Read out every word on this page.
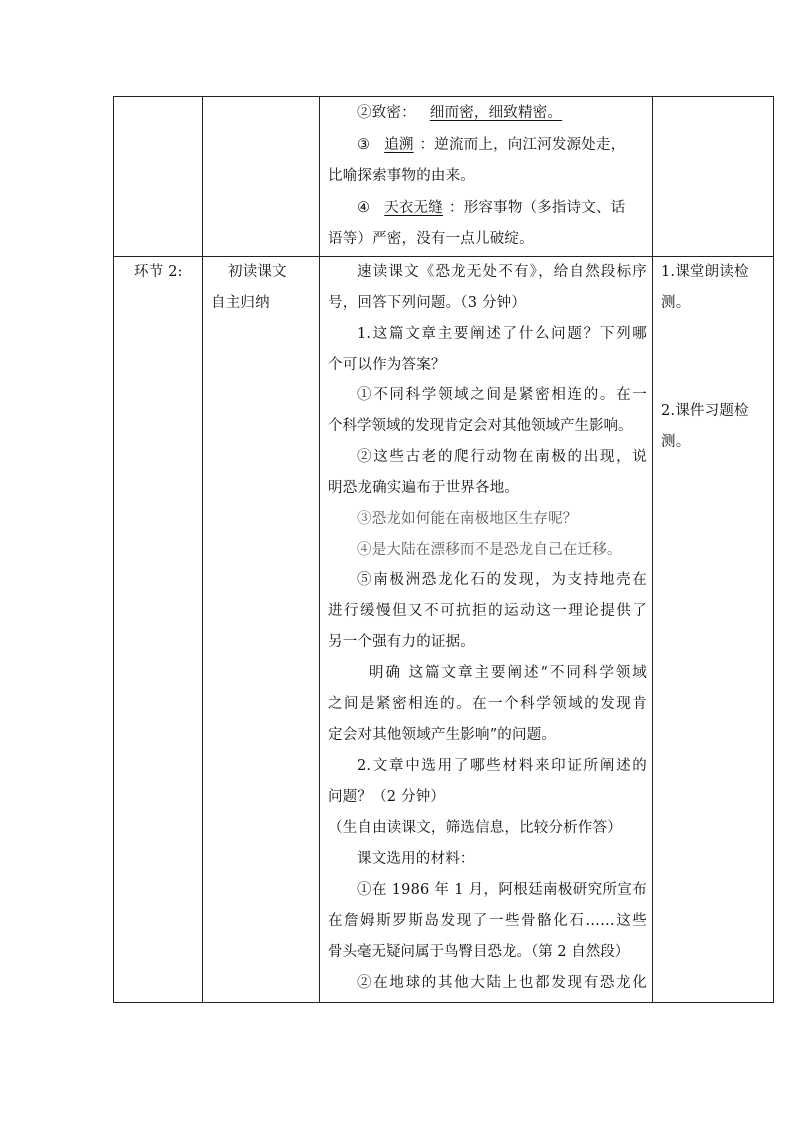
②致密： 细而密，细致精密。
③ 追溯 ：逆流而上，向江河发源处走，
比喻探索事物的由来。
④ 天衣无缝 ：形容事物（多指诗文、话
语等）严密，没有一点儿破绽。
环节 2:	初读课文
自主归纳
速读课文《恐龙无处不有》，给自然段标序
号，回答下列问题。（3 分钟）
1.这篇文章主要阐述了什么问题？下列哪
个可以作为答案？
①不同科学领域之间是紧密相连的。在一
个科学领域的发现肯定会对其他领域产生影响。
②这些古老的爬行动物在南极的出现，说
明恐龙确实遍布于世界各地。
③恐龙如何能在南极地区生存呢？
④是大陆在漂移而不是恐龙自己在迁移。
⑤南极洲恐龙化石的发现，为支持地壳在
进行缓慢但又不可抗拒的运动这一理论提供了
另一个强有力的证据。
明确 这篇文章主要阐述“不同科学领域
之间是紧密相连的。在一个科学领域的发现肯
定会对其他领域产生影响”的问题。
2.文章中选用了哪些材料来印证所阐述的
问题？（2 分钟）
（生自由读课文，筛选信息，比较分析作答）
课文选用的材料：
①在 1986 年 1 月，阿根廷南极研究所宣布
在詹姆斯罗斯岛发现了一些骨骼化石……这些
骨头毫无疑问属于鸟臀目恐龙。（第 2 自然段）
②在地球的其他大陆上也都发现有恐龙化
1.课堂朗读检
测。
2.课件习题检
测。
